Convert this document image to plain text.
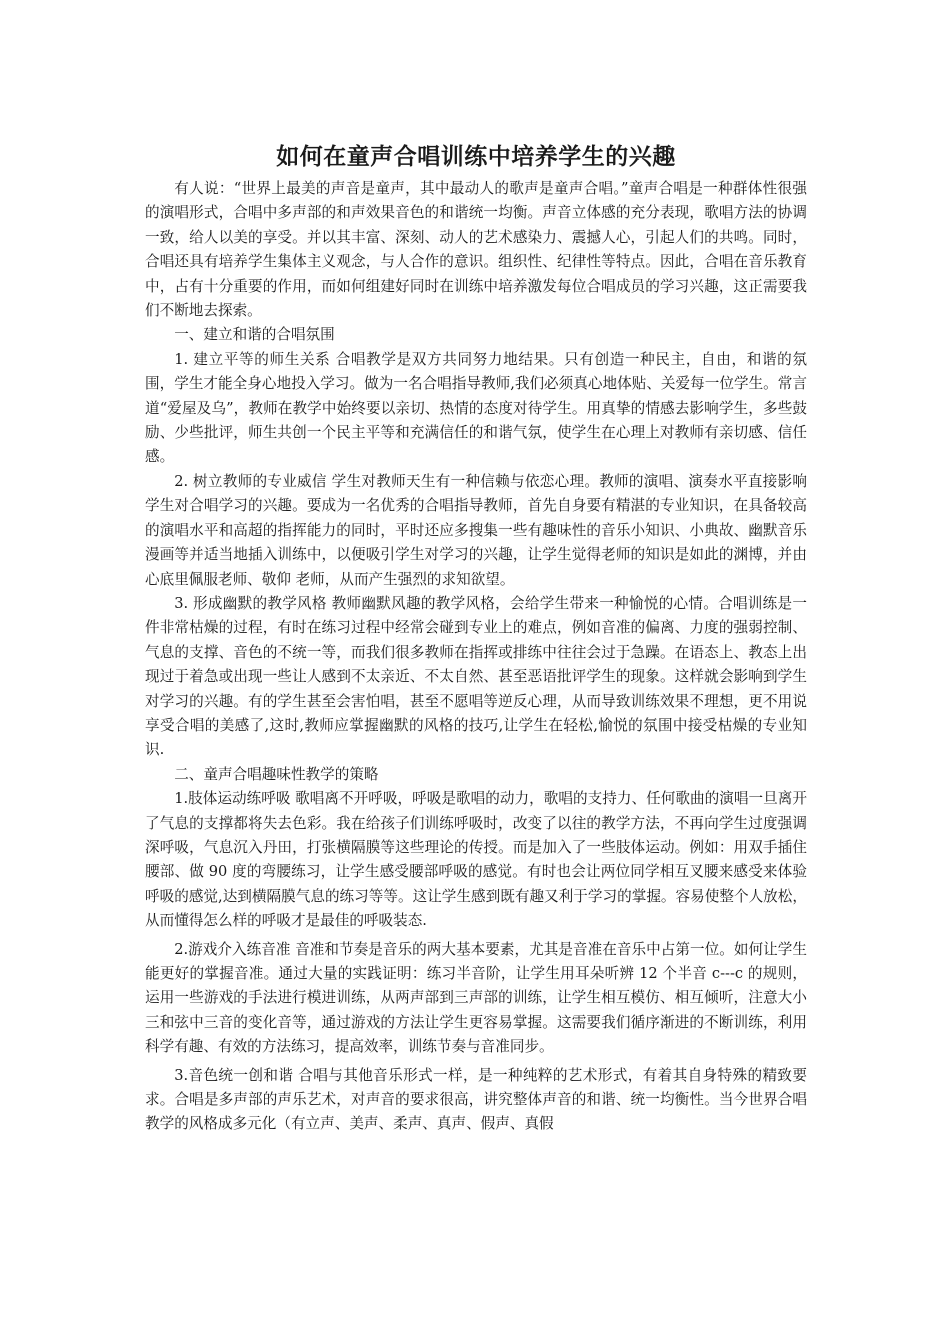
如何在童声合唱训练中培养学生的兴趣

有人说：“世界上最美的声音是童声，其中最动人的歌声是童声合唱。”童声合唱是一种群体性很强的演唱形式，合唱中多声部的和声效果音色的和谐统一均衡。声音立体感的充分表现，歌唱方法的协调一致，给人以美的享受。并以其丰富、深刻、动人的艺术感染力、震撼人心，引起人们的共鸣。同时，合唱还具有培养学生集体主义观念，与人合作的意识。组织性、纪律性等特点。因此，合唱在音乐教育中，占有十分重要的作用，而如何组建好同时在训练中培养激发每位合唱成员的学习兴趣，这正需要我们不断地去探索。

一、建立和谐的合唱氛围

1. 建立平等的师生关系 合唱教学是双方共同努力地结果。只有创造一种民主，自由，和谐的氛围，学生才能全身心地投入学习。做为一名合唱指导教师,我们必须真心地体贴、关爱每一位学生。常言道“爱屋及乌”，教师在教学中始终要以亲切、热情的态度对待学生。用真挚的情感去影响学生，多些鼓励、少些批评，师生共创一个民主平等和充满信任的和谐气氛，使学生在心理上对教师有亲切感、信任感。

2. 树立教师的专业威信 学生对教师天生有一种信赖与依恋心理。教师的演唱、演奏水平直接影响学生对合唱学习的兴趣。要成为一名优秀的合唱指导教师，首先自身要有精湛的专业知识，在具备较高的演唱水平和高超的指挥能力的同时，平时还应多搜集一些有趣味性的音乐小知识、小典故、幽默音乐漫画等并适当地插入训练中，以便吸引学生对学习的兴趣，让学生觉得老师的知识是如此的渊博，并由心底里佩服老师、敬仰 老师，从而产生强烈的求知欲望。

3. 形成幽默的教学风格 教师幽默风趣的教学风格，会给学生带来一种愉悦的心情。合唱训练是一件非常枯燥的过程，有时在练习过程中经常会碰到专业上的难点，例如音准的偏离、力度的强弱控制、气息的支撑、音色的不统一等，而我们很多教师在指挥或排练中往往会过于急躁。在语态上、教态上出现过于着急或出现一些让人感到不太亲近、不太自然、甚至恶语批评学生的现象。这样就会影响到学生对学习的兴趣。有的学生甚至会害怕唱，甚至不愿唱等逆反心理，从而导致训练效果不理想，更不用说享受合唱的美感了,这时,教师应掌握幽默的风格的技巧,让学生在轻松,愉悦的氛围中接受枯燥的专业知识.

二、童声合唱趣味性教学的策略

1.肢体运动练呼吸 歌唱离不开呼吸，呼吸是歌唱的动力，歌唱的支持力、任何歌曲的演唱一旦离开了气息的支撑都将失去色彩。我在给孩子们训练呼吸时，改变了以往的教学方法，不再向学生过度强调深呼吸，气息沉入丹田，打张横隔膜等这些理论的传授。而是加入了一些肢体运动。例如：用双手插住腰部、做 90 度的弯腰练习，让学生感受腰部呼吸的感觉。有时也会让两位同学相互叉腰来感受来体验呼吸的感觉,达到横隔膜气息的练习等等。这让学生感到既有趣又利于学习的掌握。容易使整个人放松，从而懂得怎么样的呼吸才是最佳的呼吸装态.

2.游戏介入练音准 音准和节奏是音乐的两大基本要素，尤其是音准在音乐中占第一位。如何让学生能更好的掌握音准。通过大量的实践证明：练习半音阶，让学生用耳朵听辨 12 个半音 c---c 的规则，运用一些游戏的手法进行模进训练，从两声部到三声部的训练，让学生相互模仿、相互倾听，注意大小三和弦中三音的变化音等，通过游戏的方法让学生更容易掌握。这需要我们循序渐进的不断训练，利用科学有趣、有效的方法练习，提高效率，训练节奏与音准同步。

3.音色统一创和谐 合唱与其他音乐形式一样，是一种纯粹的艺术形式，有着其自身特殊的精致要求。合唱是多声部的声乐艺术，对声音的要求很高，讲究整体声音的和谐、统一均衡性。当今世界合唱教学的风格成多元化（有立声、美声、柔声、真声、假声、真假
